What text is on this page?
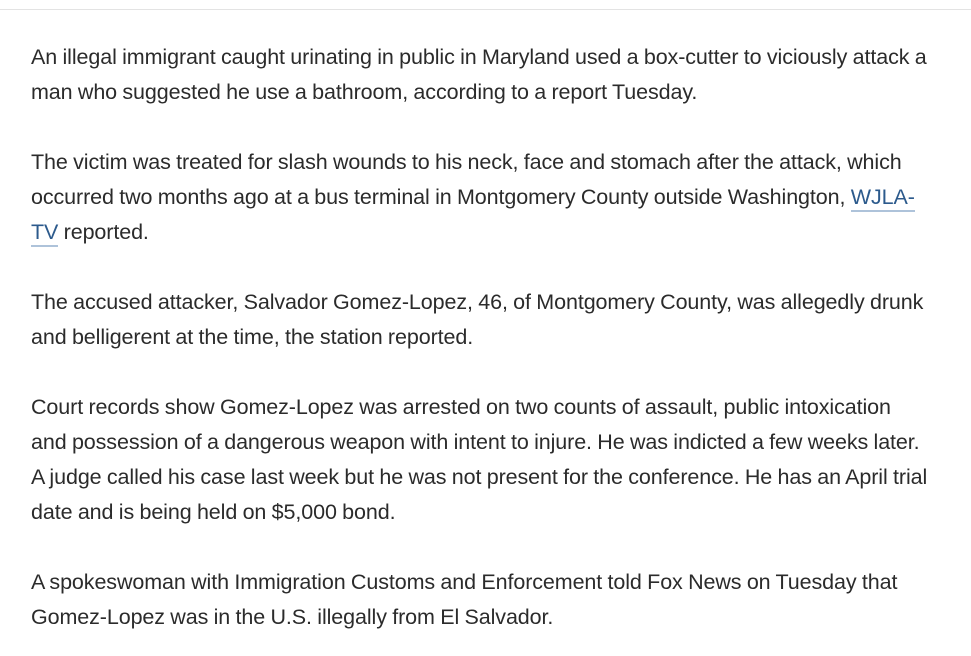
An illegal immigrant caught urinating in public in Maryland used a box-cutter to viciously attack a man who suggested he use a bathroom, according to a report Tuesday.

The victim was treated for slash wounds to his neck, face and stomach after the attack, which occurred two months ago at a bus terminal in Montgomery County outside Washington, WJLA-TV reported.

The accused attacker, Salvador Gomez-Lopez, 46, of Montgomery County, was allegedly drunk and belligerent at the time, the station reported.

Court records show Gomez-Lopez was arrested on two counts of assault, public intoxication and possession of a dangerous weapon with intent to injure. He was indicted a few weeks later. A judge called his case last week but he was not present for the conference. He has an April trial date and is being held on $5,000 bond.

A spokeswoman with Immigration Customs and Enforcement told Fox News on Tuesday that Gomez-Lopez was in the U.S. illegally from El Salvador.
